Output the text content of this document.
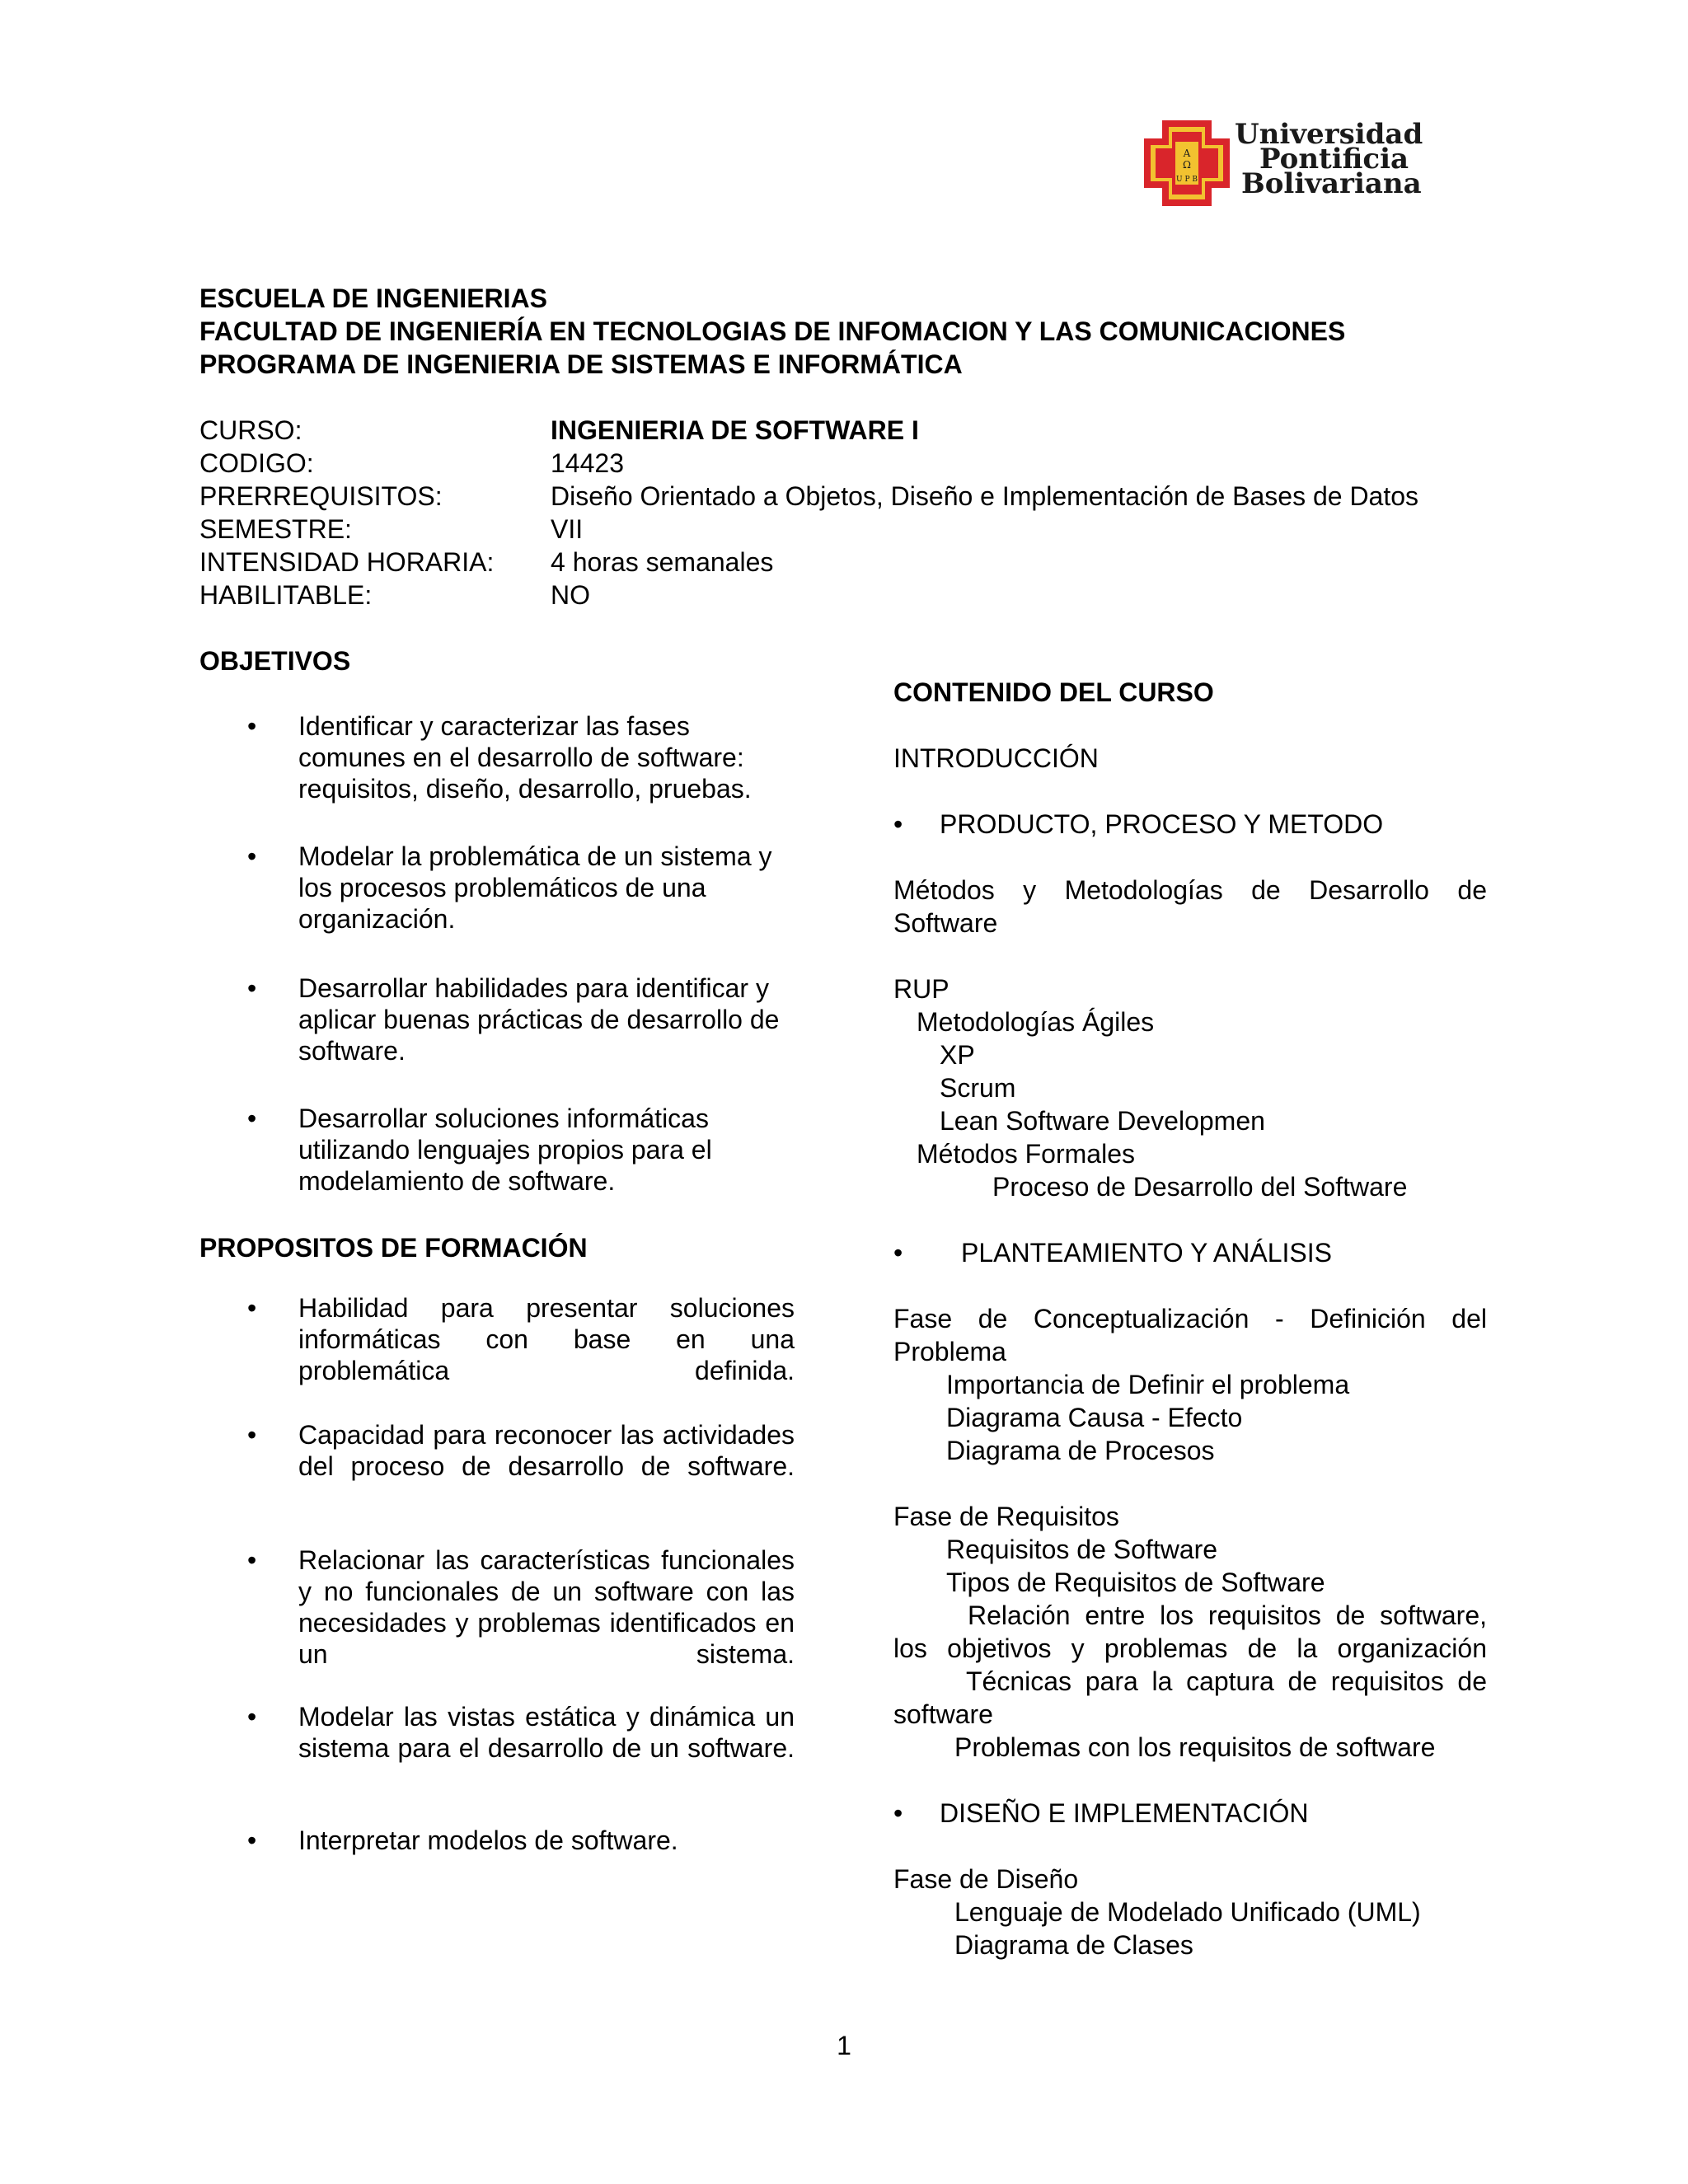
A
Ω
U P B
Universidad
Pontificia
Bolivariana
ESCUELA DE INGENIERIAS
FACULTAD DE INGENIERÍA EN TECNOLOGIAS DE INFOMACION Y LAS COMUNICACIONES
PROGRAMA DE INGENIERIA DE SISTEMAS E INFORMÁTICA
CURSO:	INGENIERIA DE SOFTWARE I
CODIGO:	14423
PRERREQUISITOS:	Diseño Orientado a Objetos, Diseño e Implementación de Bases de Datos
SEMESTRE:	VII
INTENSIDAD HORARIA: 4 horas semanales
HABILITABLE:	NO
OBJETIVOS
• Identificar y caracterizar las fases comunes en el desarrollo de software: requisitos, diseño, desarrollo, pruebas.
• Modelar la problemática de un sistema y los procesos problemáticos de una organización.
• Desarrollar habilidades para identificar y aplicar buenas prácticas de desarrollo de software.
• Desarrollar soluciones informáticas utilizando lenguajes propios para el modelamiento de software.
PROPOSITOS DE FORMACIÓN
• Habilidad para presentar soluciones informáticas con base en una problemática definida.
• Capacidad para reconocer las actividades del proceso de desarrollo de software.
• Relacionar las características funcionales y no funcionales de un software con las necesidades y problemas identificados en un sistema.
• Modelar las vistas estática y dinámica un sistema para el desarrollo de un software.
• Interpretar modelos de software.
CONTENIDO DEL CURSO
INTRODUCCIÓN
• PRODUCTO, PROCESO Y METODO
Métodos y Metodologías de Desarrollo de Software
RUP
Metodologías Ágiles
XP
Scrum
Lean Software Developmen
Métodos Formales
Proceso de Desarrollo del Software
• PLANTEAMIENTO Y ANÁLISIS
Fase de Conceptualización - Definición del Problema
Importancia de Definir el problema
Diagrama Causa - Efecto
Diagrama de Procesos
Fase de Requisitos
Requisitos de Software
Tipos de Requisitos de Software
Relación entre los requisitos de software, los objetivos y problemas de la organización
Técnicas para la captura de requisitos de software
Problemas con los requisitos de software
• DISEÑO E IMPLEMENTACIÓN
Fase de Diseño
Lenguaje de Modelado Unificado (UML)
Diagrama de Clases
1
